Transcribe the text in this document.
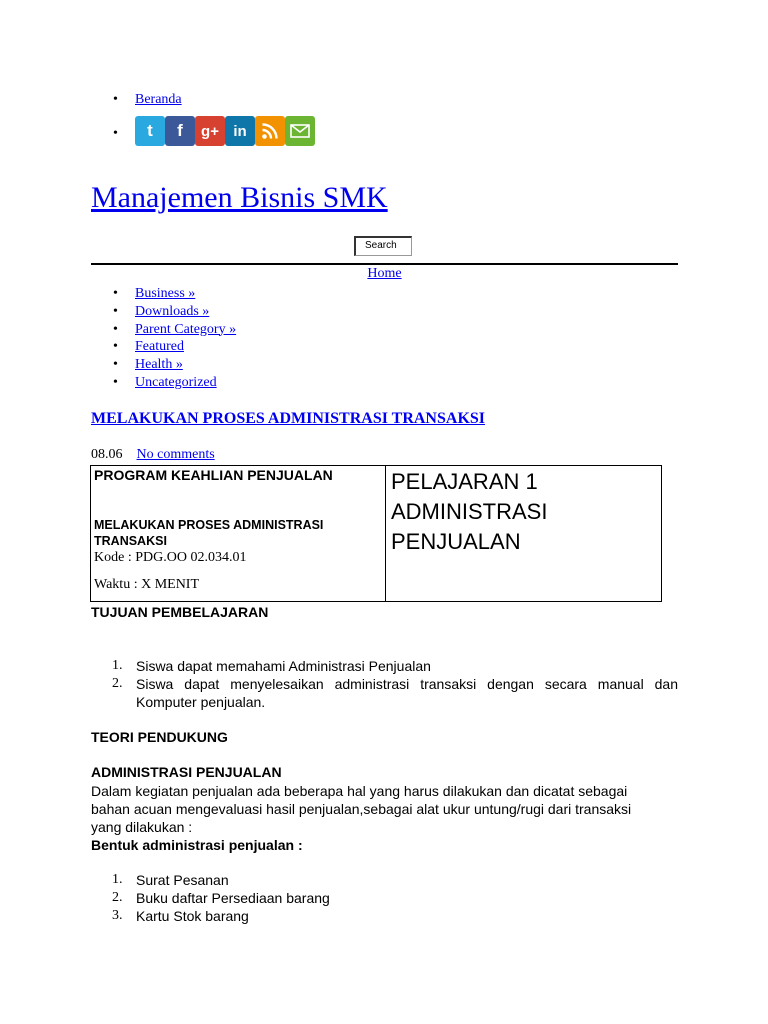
• Beranda
• t f g+ in
Manajemen Bisnis SMK
Search
Home
• Business »
• Downloads »
• Parent Category »
• Featured
• Health »
• Uncategorized
MELAKUKAN PROSES ADMINISTRASI TRANSAKSI
08.06 No comments
PROGRAM KEAHLIAN PENJUALAN
MELAKUKAN PROSES ADMINISTRASI
TRANSAKSI
Kode : PDG.OO 02.034.01
Waktu : X MENIT
PELAJARAN 1
ADMINISTRASI
PENJUALAN
TUJUAN PEMBELAJARAN
1. Siswa dapat memahami Administrasi Penjualan
2. Siswa dapat menyelesaikan administrasi transaksi dengan secara manual dan
Komputer penjualan.
TEORI PENDUKUNG
ADMINISTRASI PENJUALAN
Dalam kegiatan penjualan ada beberapa hal yang harus dilakukan dan dicatat sebagai
bahan acuan mengevaluasi hasil penjualan,sebagai alat ukur untung/rugi dari transaksi
yang dilakukan :
Bentuk administrasi penjualan :
1. Surat Pesanan
2. Buku daftar Persediaan barang
3. Kartu Stok barang
